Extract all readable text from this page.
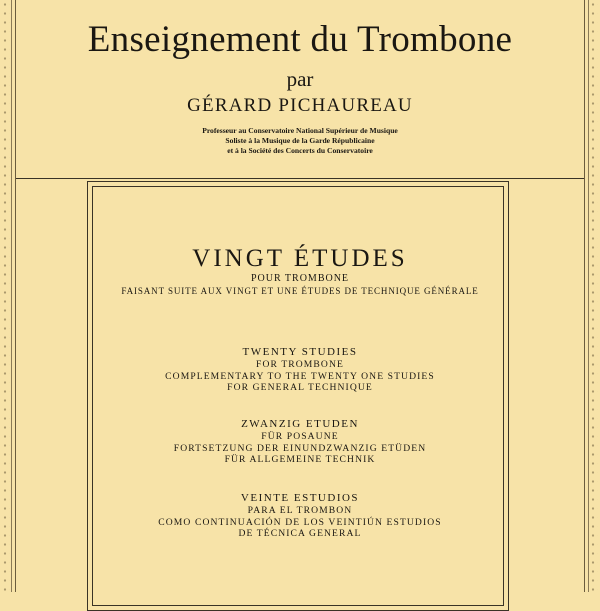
Enseignement du Trombone
par
GÉRARD PICHAUREAU
Professeur au Conservatoire National Supérieur de Musique
Soliste à la Musique de la Garde Républicaine
et à la Société des Concerts du Conservatoire
VINGT ÉTUDES
POUR TROMBONE
FAISANT SUITE AUX VINGT ET UNE ÉTUDES DE TECHNIQUE GÉNÉRALE
TWENTY STUDIES
FOR TROMBONE
COMPLEMENTARY TO THE TWENTY ONE STUDIES
FOR GENERAL TECHNIQUE
ZWANZIG ETUDEN
FÜR POSAUNE
FORTSETZUNG DER EINUNDZWANZIG ETÜDEN
FÜR ALLGEMEINE TECHNIK
VEINTE ESTUDIOS
PARA EL TROMBON
COMO CONTINUACIÓN DE LOS VEINTIÚN ESTUDIOS
DE TÉCNICA GENERAL
